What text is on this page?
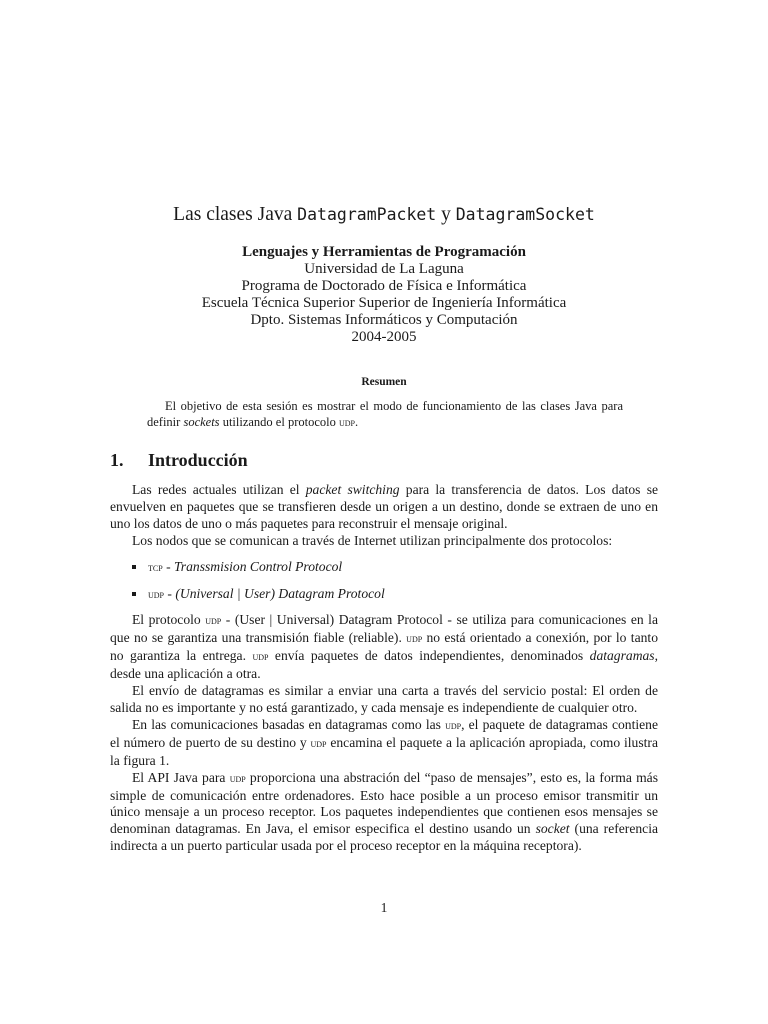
Las clases Java DatagramPacket y DatagramSocket
Lenguajes y Herramientas de Programación
Universidad de La Laguna
Programa de Doctorado de Física e Informática
Escuela Técnica Superior Superior de Ingeniería Informática
Dpto. Sistemas Informáticos y Computación
2004-2005
Resumen
El objetivo de esta sesión es mostrar el modo de funcionamiento de las clases Java para definir sockets utilizando el protocolo udp.
1. Introducción

Las redes actuales utilizan el packet switching para la transferencia de datos. Los datos se envuelven en paquetes que se transfieren desde un origen a un destino, donde se extraen de uno en uno los datos de uno o más paquetes para reconstruir el mensaje original.

Los nodos que se comunican a través de Internet utilizan principalmente dos protocolos:

tcp - Transsmision Control Protocol
udp - (Universal | User) Datagram Protocol

El protocolo udp - (User | Universal) Datagram Protocol - se utiliza para comunicaciones en la que no se garantiza una transmisión fiable (reliable). udp no está orientado a conexión, por lo tanto no garantiza la entrega. udp envía paquetes de datos independientes, denominados datagramas, desde una aplicación a otra.

El envío de datagramas es similar a enviar una carta a través del servicio postal: El orden de salida no es importante y no está garantizado, y cada mensaje es independiente de cualquier otro.

En las comunicaciones basadas en datagramas como las udp, el paquete de datagramas contiene el número de puerto de su destino y udp encamina el paquete a la aplicación apropiada, como ilustra la figura 1.

El API Java para udp proporciona una abstración del “paso de mensajes”, esto es, la forma más simple de comunicación entre ordenadores. Esto hace posible a un proceso emisor transmitir un único mensaje a un proceso receptor. Los paquetes independientes que contienen esos mensajes se denominan datagramas. En Java, el emisor especifica el destino usando un socket (una referencia indirecta a un puerto particular usada por el proceso receptor en la máquina receptora).

1
